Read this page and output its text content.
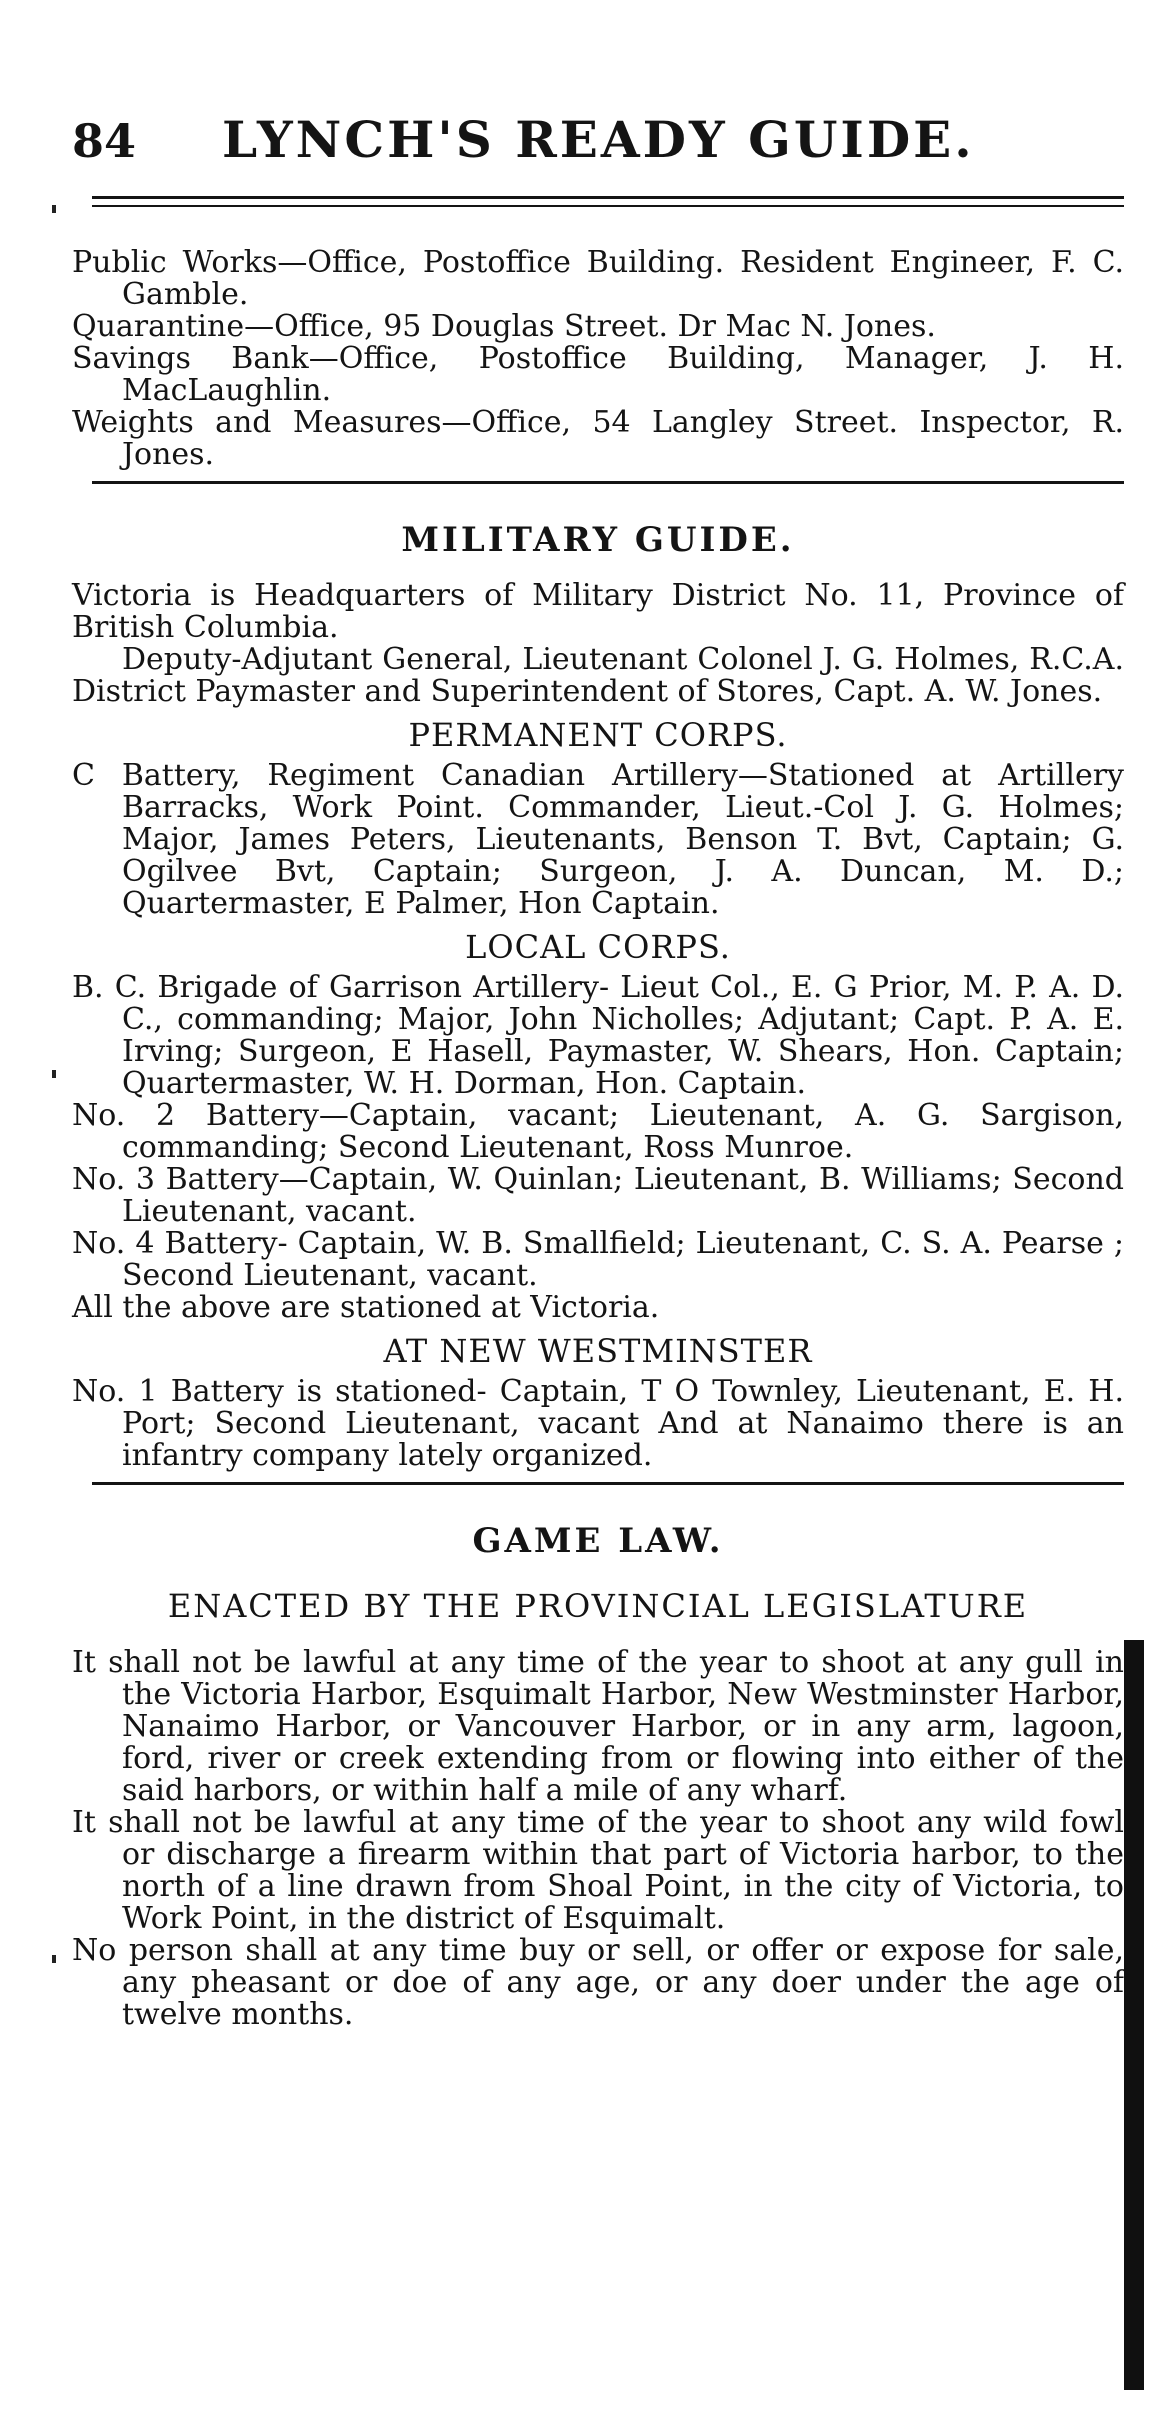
84	LYNCH'S READY GUIDE.

Public Works—Office, Postoffice Building. Resident Engineer, F. C. Gamble.

Quarantine—Office, 95 Douglas Street. Dr Mac N. Jones.

Savings Bank—Office, Postoffice Building, Manager, J. H. MacLaughlin.

Weights and Measures—Office, 54 Langley Street. Inspector, R. Jones.

MILITARY GUIDE.

Victoria is Headquarters of Military District No. 11, Province of British Columbia.

Deputy-Adjutant General, Lieutenant Colonel J. G. Holmes, R.C.A. District Paymaster and Superintendent of Stores, Capt. A. W. Jones.

PERMANENT CORPS.

C Battery, Regiment Canadian Artillery—Stationed at Artillery Barracks, Work Point. Commander, Lieut.-Col J. G. Holmes; Major, James Peters, Lieutenants, Benson T. Bvt, Captain; G. Ogilvee Bvt, Captain; Surgeon, J. A. Duncan, M. D.; Quartermaster, E Palmer, Hon Captain.

LOCAL CORPS.

B. C. Brigade of Garrison Artillery- Lieut Col., E. G Prior, M. P. A. D. C., commanding; Major, John Nicholles; Adjutant; Capt. P. A. E. Irving; Surgeon, E Hasell, Paymaster, W. Shears, Hon. Captain; Quartermaster, W. H. Dorman, Hon. Captain.

No. 2 Battery—Captain, vacant; Lieutenant, A. G. Sargison, commanding; Second Lieutenant, Ross Munroe.

No. 3 Battery—Captain, W. Quinlan; Lieutenant, B. Williams; Second Lieutenant, vacant.

No. 4 Battery- Captain, W. B. Smallfield; Lieutenant, C. S. A. Pearse ; Second Lieutenant, vacant.

All the above are stationed at Victoria.

AT NEW WESTMINSTER

No. 1 Battery is stationed- Captain, T O Townley, Lieutenant, E. H. Port; Second Lieutenant, vacant And at Nanaimo there is an infantry company lately organized.

GAME LAW.
ENACTED BY THE PROVINCIAL LEGISLATURE

It shall not be lawful at any time of the year to shoot at any gull in the Victoria Harbor, Esquimalt Harbor, New Westminster Harbor, Nanaimo Harbor, or Vancouver Harbor, or in any arm, lagoon, ford, river or creek extending from or flowing into either of the said harbors, or within half a mile of any wharf.

It shall not be lawful at any time of the year to shoot any wild fowl or discharge a firearm within that part of Victoria harbor, to the north of a line drawn from Shoal Point, in the city of Victoria, to Work Point, in the district of Esquimalt.

No person shall at any time buy or sell, or offer or expose for sale, any pheasant or doe of any age, or any doer under the age of twelve months.
